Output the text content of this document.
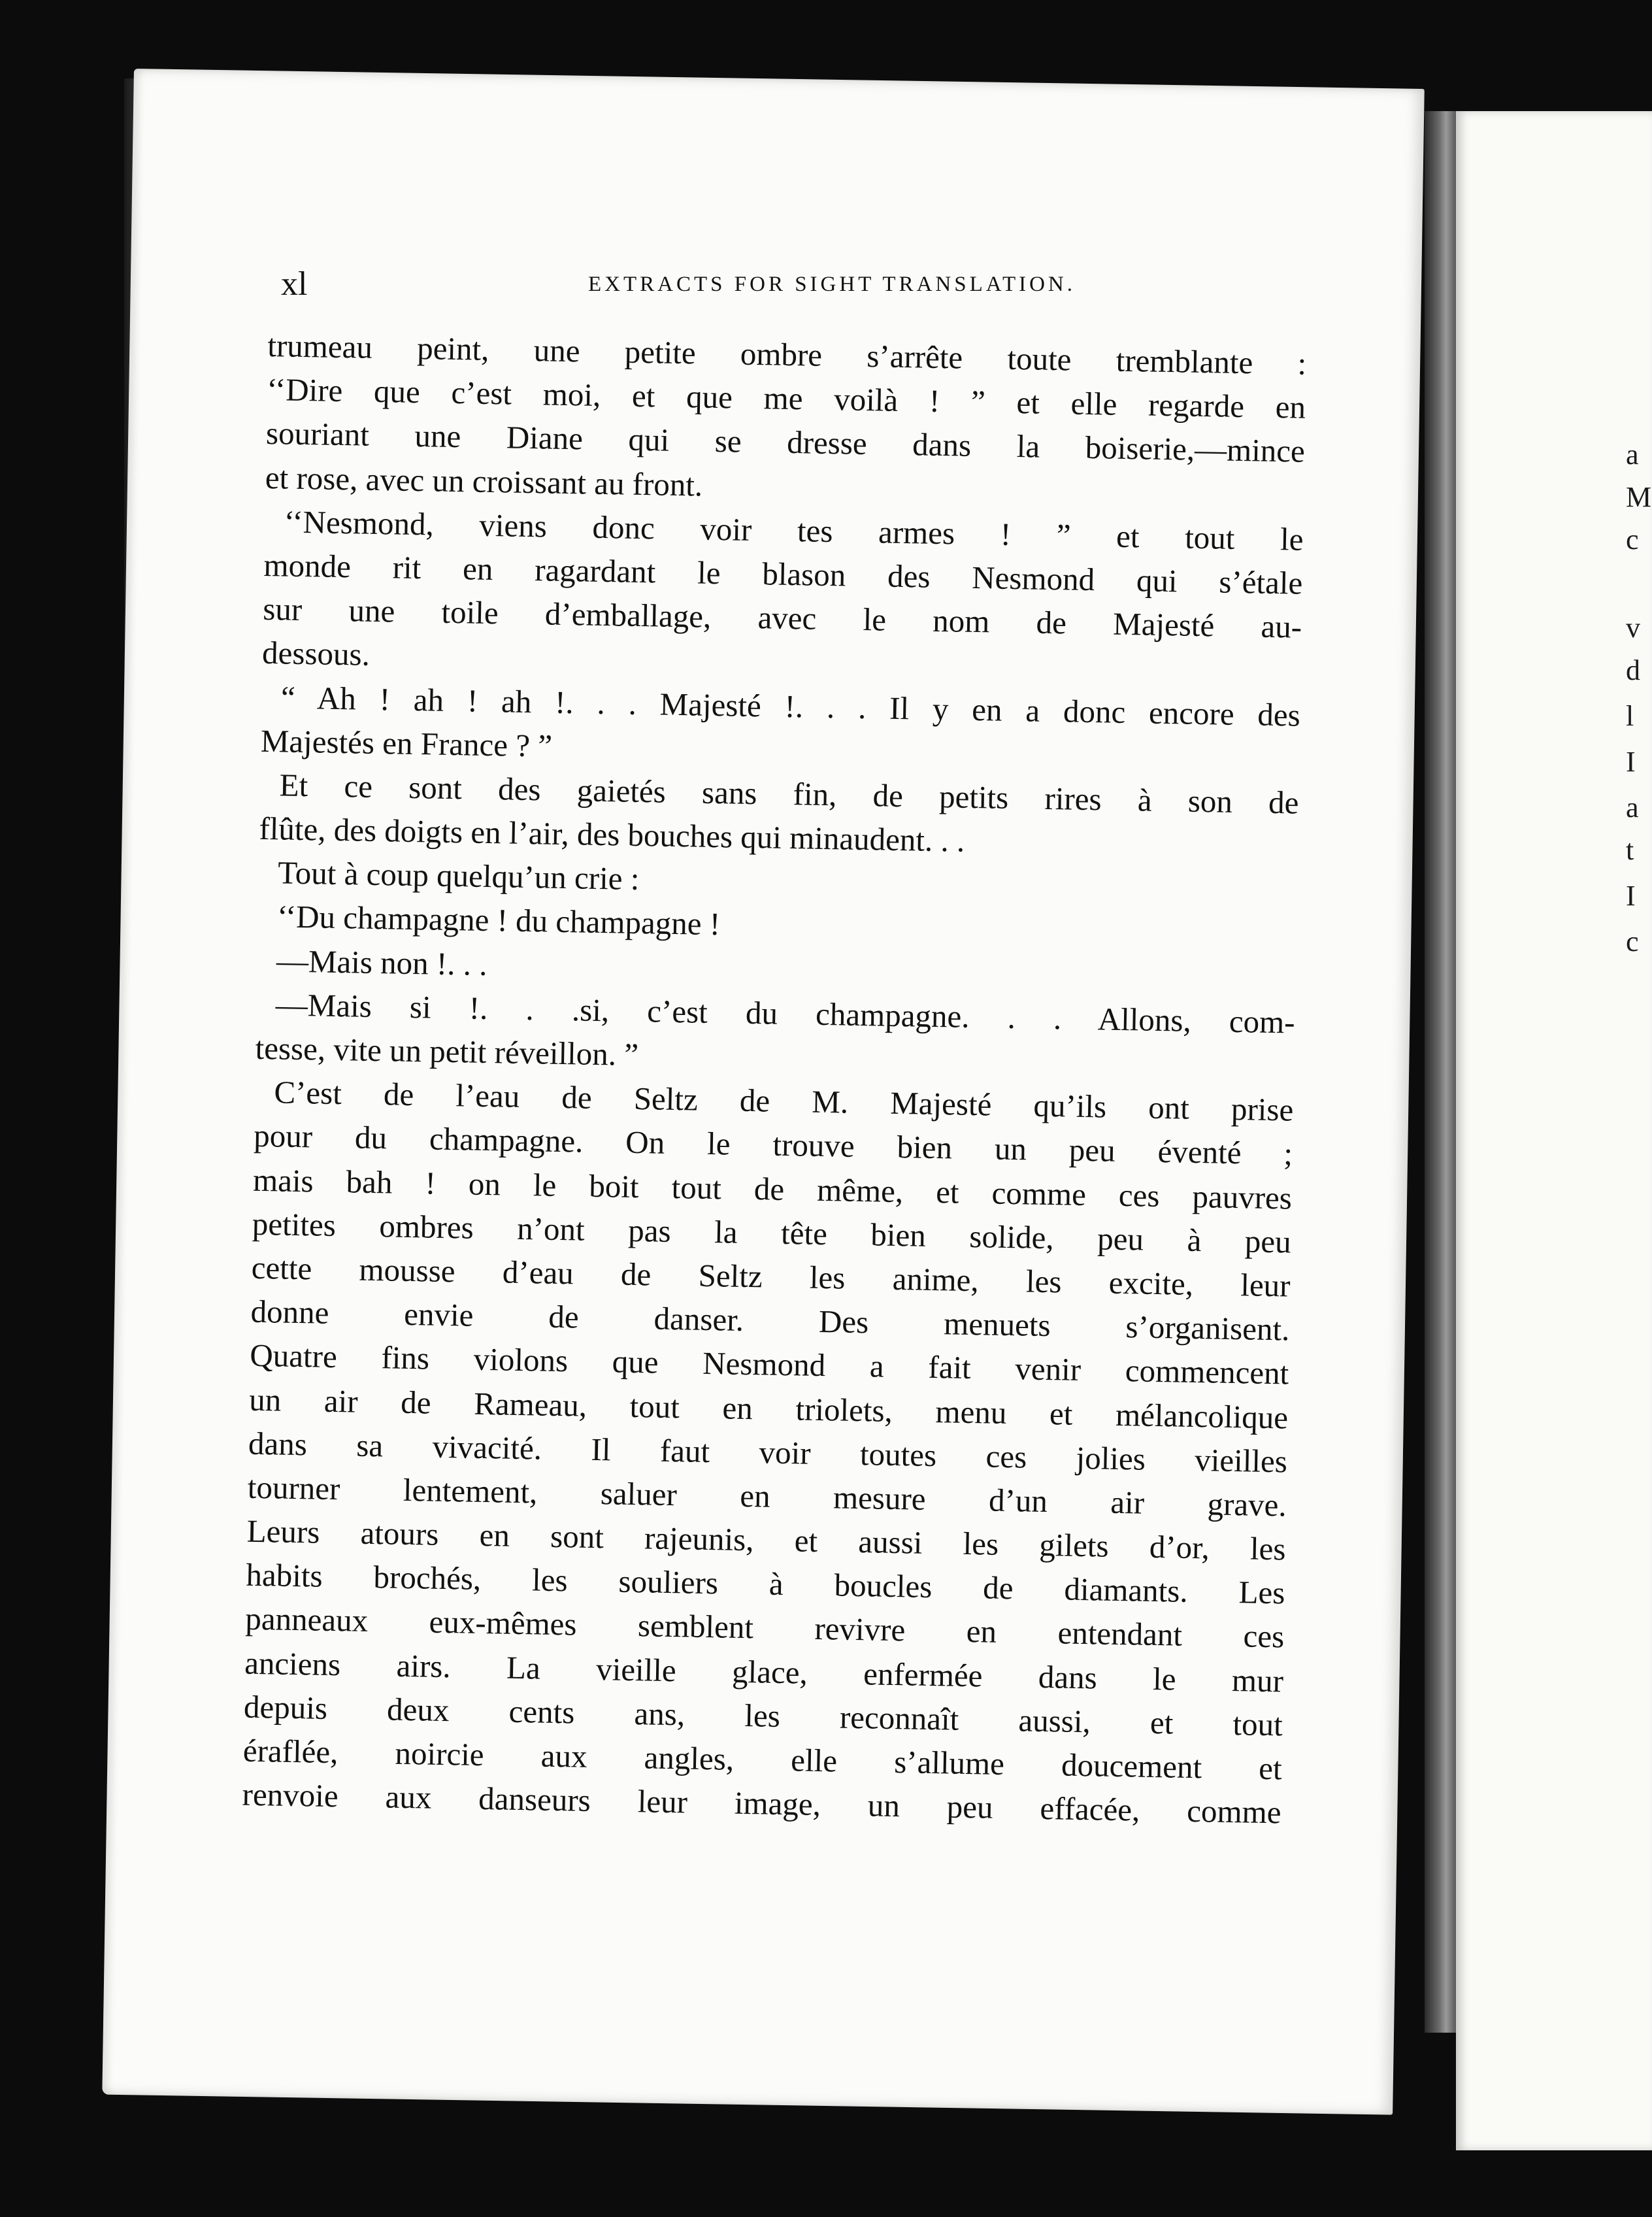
a
M
c
v
d
l
I
a
t
I
c
xl	EXTRACTS FOR SIGHT TRANSLATION.
trumeau peint, une petite ombre s’arrête toute tremblante :
‘‘Dire que c’est moi, et que me voilà ! ” et elle regarde en
souriant une Diane qui se dresse dans la boiserie,—mince
et rose, avec un croissant au front.
‘‘Nesmond, viens donc voir tes armes ! ” et tout le
monde rit en ragardant le blason des Nesmond qui s’étale
sur une toile d’emballage, avec le nom de Majesté au-
dessous.
“ Ah ! ah ! ah !. . . Majesté !. . . Il y en a donc encore des
Majestés en France ? ”
Et ce sont des gaietés sans fin, de petits rires à son de
flûte, des doigts en l’air, des bouches qui minaudent. . .
Tout à coup quelqu’un crie :
‘‘Du champagne ! du champagne !
—Mais non !. . .
—Mais si !. . .si, c’est du champagne. . . Allons, com-
tesse, vite un petit réveillon. ”
C’est de l’eau de Seltz de M. Majesté qu’ils ont prise
pour du champagne. On le trouve bien un peu éventé ;
mais bah ! on le boit tout de même, et comme ces pauvres
petites ombres n’ont pas la tête bien solide, peu à peu
cette mousse d’eau de Seltz les anime, les excite, leur
donne envie de danser. Des menuets s’organisent.
Quatre fins violons que Nesmond a fait venir commencent
un air de Rameau, tout en triolets, menu et mélancolique
dans sa vivacité. Il faut voir toutes ces jolies vieilles
tourner lentement, saluer en mesure d’un air grave.
Leurs atours en sont rajeunis, et aussi les gilets d’or, les
habits brochés, les souliers à boucles de diamants. Les
panneaux eux-mêmes semblent revivre en entendant ces
anciens airs. La vieille glace, enfermée dans le mur
depuis deux cents ans, les reconnaît aussi, et tout
éraflée, noircie aux angles, elle s’allume doucement et
renvoie aux danseurs leur image, un peu effacée, comme
